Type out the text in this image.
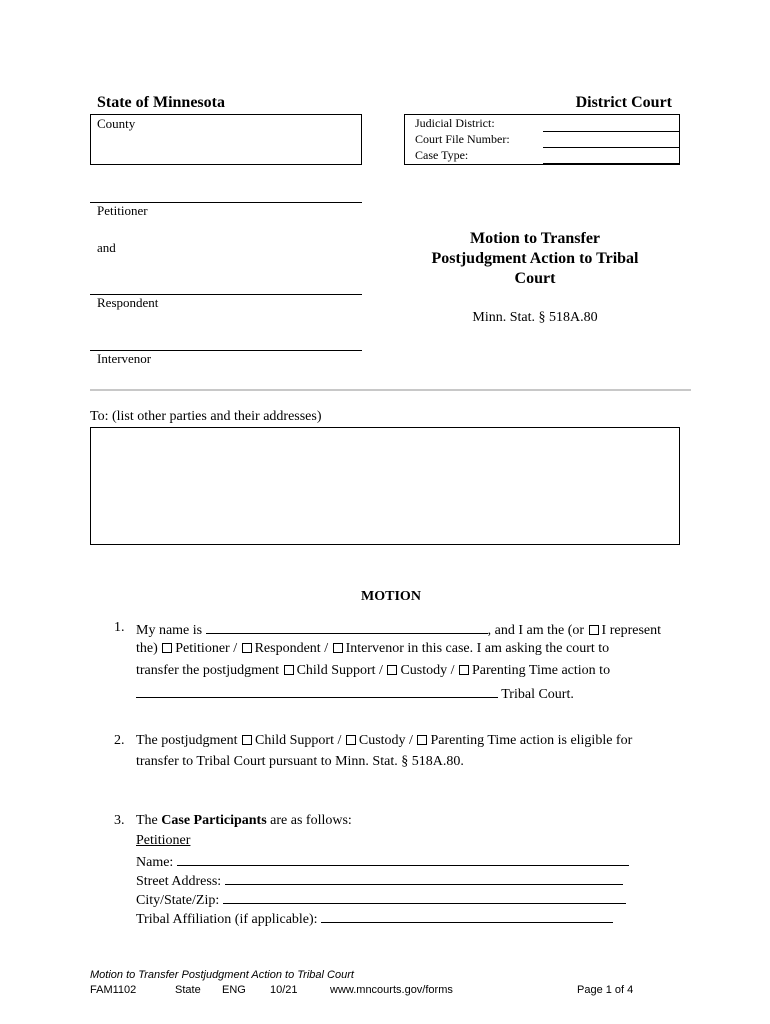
State of Minnesota	District Court
County	Judicial District:
Court File Number:
Case Type:
Petitioner
and
Respondent
Intervenor
Motion to Transfer
Postjudgment Action to Tribal
Court
Minn. Stat. § 518A.80
To: (list other parties and their addresses)
MOTION
1. My name is	, and I am the (or I represent
the) Petitioner / Respondent / Intervenor in this case. I am asking the court to
transfer the postjudgment Child Support / Custody / Parenting Time action to
Tribal Court.
2. The postjudgment Child Support / Custody / Parenting Time action is eligible for
transfer to Tribal Court pursuant to Minn. Stat. § 518A.80.
3. The Case Participants are as follows:
Petitioner
Name:
Street Address:
City/State/Zip:
Tribal Affiliation (if applicable):
Motion to Transfer Postjudgment Action to Tribal Court
FAM1102	State ENG 10/21	www.mncourts.gov/forms	Page 1 of 4
